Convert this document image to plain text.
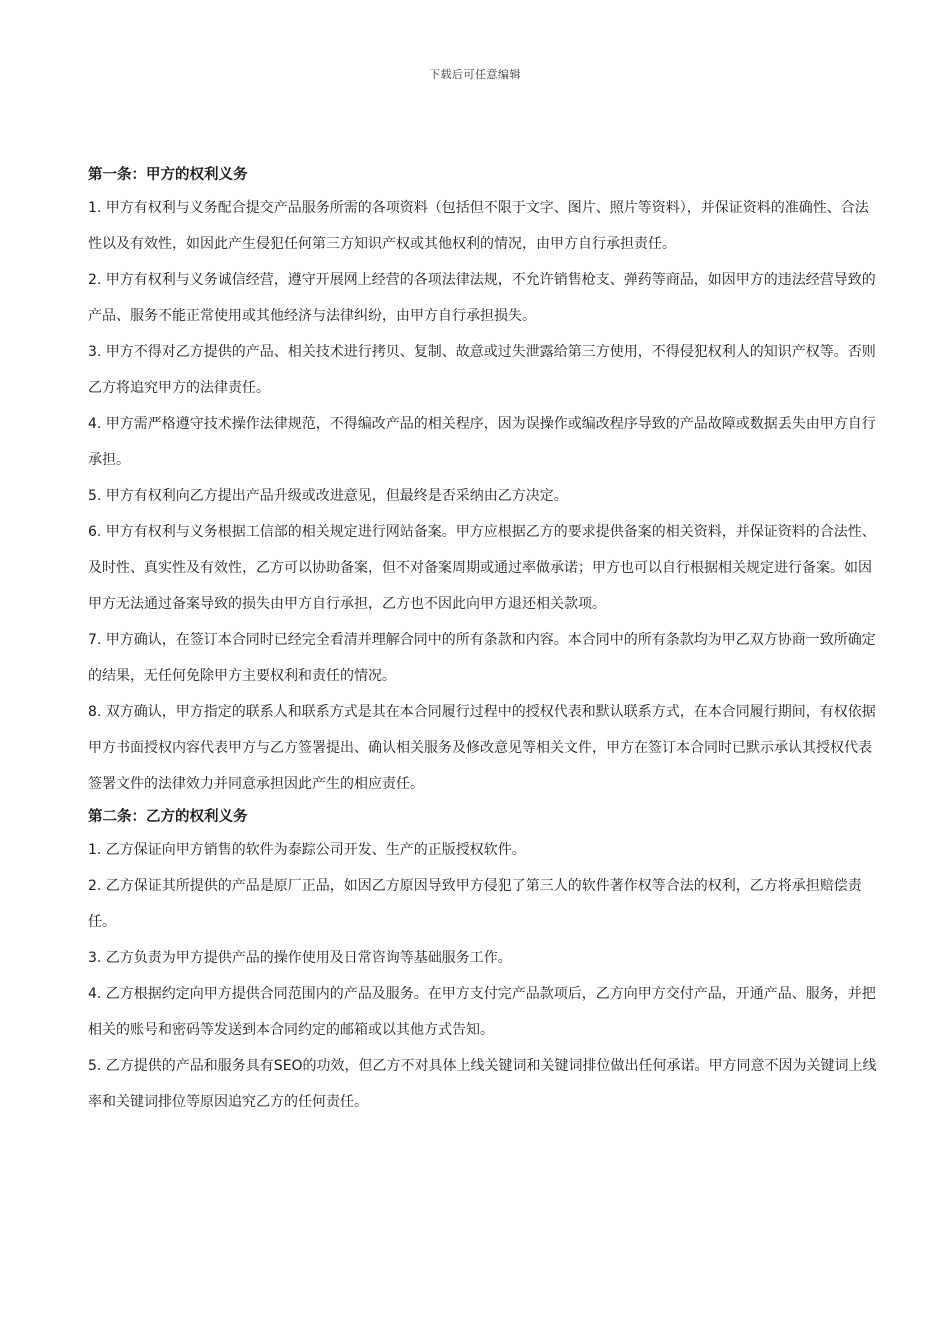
下载后可任意编辑

第一条：甲方的权利义务

1. 甲方有权利与义务配合提交产品服务所需的各项资料（包括但不限于文字、图片、照片等资料），并保证资料的准确性、合法性以及有效性，如因此产生侵犯任何第三方知识产权或其他权利的情况，由甲方自行承担责任。

2. 甲方有权利与义务诚信经营，遵守开展网上经营的各项法律法规，不允许销售枪支、弹药等商品，如因甲方的违法经营导致的产品、服务不能正常使用或其他经济与法律纠纷，由甲方自行承担损失。

3. 甲方不得对乙方提供的产品、相关技术进行拷贝、复制、故意或过失泄露给第三方使用，不得侵犯权利人的知识产权等。否则乙方将追究甲方的法律责任。

4. 甲方需严格遵守技术操作法律规范，不得编改产品的相关程序，因为误操作或编改程序导致的产品故障或数据丢失由甲方自行承担。

5. 甲方有权利向乙方提出产品升级或改进意见，但最终是否采纳由乙方决定。

6. 甲方有权利与义务根据工信部的相关规定进行网站备案。甲方应根据乙方的要求提供备案的相关资料，并保证资料的合法性、及时性、真实性及有效性，乙方可以协助备案，但不对备案周期或通过率做承诺；甲方也可以自行根据相关规定进行备案。如因甲方无法通过备案导致的损失由甲方自行承担，乙方也不因此向甲方退还相关款项。

7. 甲方确认，在签订本合同时已经完全看清并理解合同中的所有条款和内容。本合同中的所有条款均为甲乙双方协商一致所确定的结果，无任何免除甲方主要权利和责任的情况。

8. 双方确认，甲方指定的联系人和联系方式是其在本合同履行过程中的授权代表和默认联系方式，在本合同履行期间，有权依据甲方书面授权内容代表甲方与乙方签署提出、确认相关服务及修改意见等相关文件，甲方在签订本合同时已默示承认其授权代表签署文件的法律效力并同意承担因此产生的相应责任。

第二条：乙方的权利义务

1. 乙方保证向甲方销售的软件为泰踪公司开发、生产的正版授权软件。

2. 乙方保证其所提供的产品是原厂正品，如因乙方原因导致甲方侵犯了第三人的软件著作权等合法的权利，乙方将承担赔偿责任。

3. 乙方负责为甲方提供产品的操作使用及日常咨询等基础服务工作。

4. 乙方根据约定向甲方提供合同范围内的产品及服务。在甲方支付完产品款项后，乙方向甲方交付产品，开通产品、服务，并把相关的账号和密码等发送到本合同约定的邮箱或以其他方式告知。

5. 乙方提供的产品和服务具有SEO的功效，但乙方不对具体上线关键词和关键词排位做出任何承诺。甲方同意不因为关键词上线率和关键词排位等原因追究乙方的任何责任。
